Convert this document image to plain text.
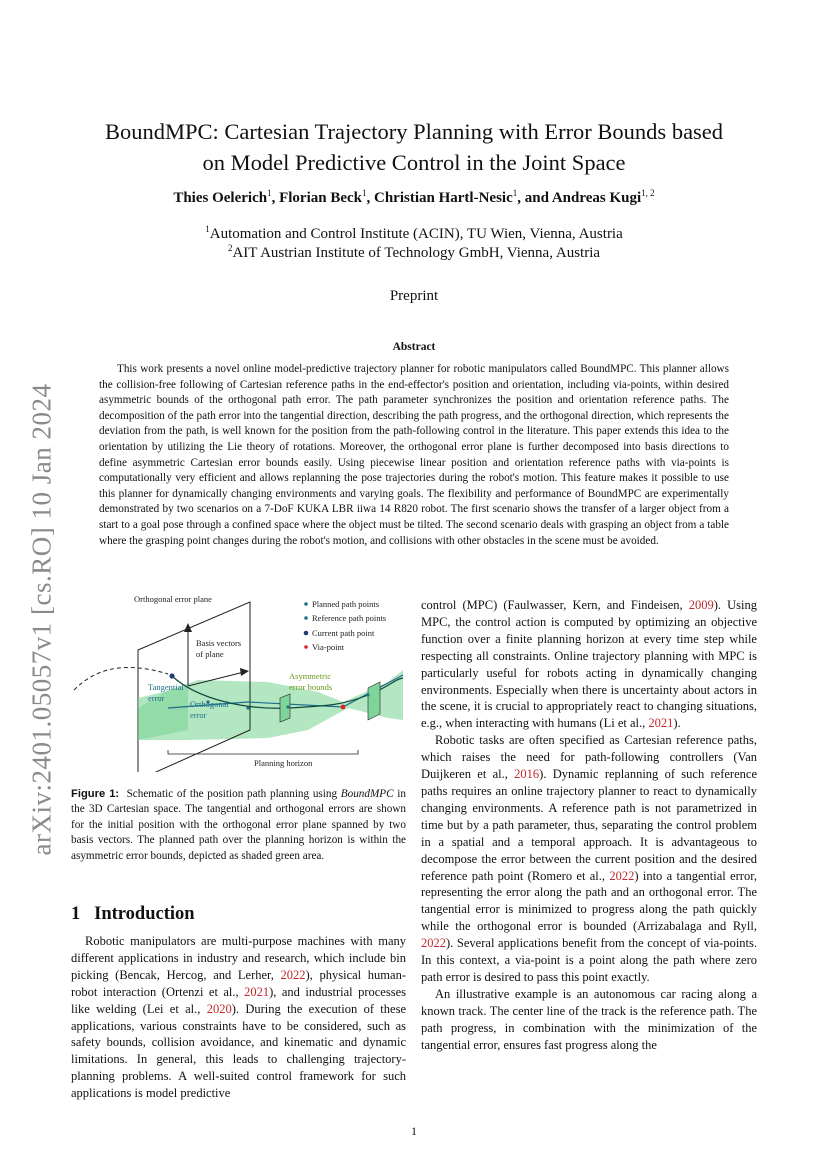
BoundMPC: Cartesian Trajectory Planning with Error Bounds based
on Model Predictive Control in the Joint Space
Thies Oelerich$^1$, Florian Beck$^1$, Christian Hartl-Nesic$^1$, and Andreas Kugi$^{1, 2}$
$^1$Automation and Control Institute (ACIN), TU Wien, Vienna, Austria
$^2$AIT Austrian Institute of Technology GmbH, Vienna, Austria
Preprint
Abstract
This work presents a novel online model-predictive trajectory planner for robotic manipulators called BoundMPC. This planner allows the collision-free following of Cartesian reference paths in the end-effector's position and orientation, including via-points, within desired asymmetric bounds of the orthogonal path error. The path parameter synchronizes the position and orientation reference paths. The decomposition of the path error into the tangential direction, describing the path progress, and the orthogonal direction, which represents the deviation from the path, is well known for the position from the path-following control in the literature. This paper extends this idea to the orientation by utilizing the Lie theory of rotations. Moreover, the orthogonal error plane is further decomposed into basis directions to define asymmetric Cartesian error bounds easily. Using piecewise linear position and orientation reference paths with via-points is computationally very efficient and allows replanning the pose trajectories during the robot's motion. This feature makes it possible to use this planner for dynamically changing environments and varying goals. The flexibility and performance of BoundMPC are experimentally demonstrated by two scenarios on a 7-DoF KUKA LBR iiwa 14 R820 robot. The first scenario shows the transfer of a larger object from a start to a goal pose through a confined space where the object must be tilted. The second scenario deals with grasping an object from a table where the grasping point changes during the robot's motion, and collisions with other obstacles in the scene must be avoided.
arXiv:2401.05057v1 [cs.RO] 10 Jan 2024	Orthogonal error plane
Basis vectors
of plane
Tangential
error
Orthogonal
error
Asymmetric
error bounds
Planning horizon
Planned path points
Reference path points
Current path point
Via-point
Figure 1: Schematic of the position path planning using BoundMPC in the 3D Cartesian space. The tangential and orthogonal errors are shown for the initial position with the orthogonal error plane spanned by two basis vectors. The planned path over the planning horizon is within the asymmetric error bounds, depicted as shaded green area.
1 Introduction

Robotic manipulators are multi-purpose machines with many different applications in industry and research, which include bin picking (Bencak, Hercog, and Lerher, 2022), physical human-robot interaction (Ortenzi et al., 2021), and industrial processes like welding (Lei et al., 2020). During the execution of these applications, various constraints have to be considered, such as safety bounds, collision avoidance, and kinematic and dynamic limitations. In general, this leads to challenging trajectory-planning problems. A well-suited control framework for such applications is model predictive

control (MPC) (Faulwasser, Kern, and Findeisen, 2009). Using MPC, the control action is computed by optimizing an objective function over a finite planning horizon at every time step while respecting all constraints. Online trajectory planning with MPC is particularly useful for robots acting in dynamically changing environments. Especially when there is uncertainty about actors in the scene, it is crucial to appropriately react to changing situations, e.g., when interacting with humans (Li et al., 2021).

Robotic tasks are often specified as Cartesian reference paths, which raises the need for path-following controllers (Van Duijkeren et al., 2016). Dynamic replanning of such reference paths requires an online trajectory planner to react to dynamically changing environments. A reference path is not parametrized in time but by a path parameter, thus, separating the control problem in a spatial and a temporal approach. It is advantageous to decompose the error between the current position and the desired reference path point (Romero et al., 2022) into a tangential error, representing the error along the path and an orthogonal error. The tangential error is minimized to progress along the path quickly while the orthogonal error is bounded (Arrizabalaga and Ryll, 2022). Several applications benefit from the concept of via-points. In this context, a via-point is a point along the path where zero path error is desired to pass this point exactly.

An illustrative example is an autonomous car racing along a known track. The center line of the track is the reference path. The path progress, in combination with the minimization of the tangential error, ensures fast progress along the

1
